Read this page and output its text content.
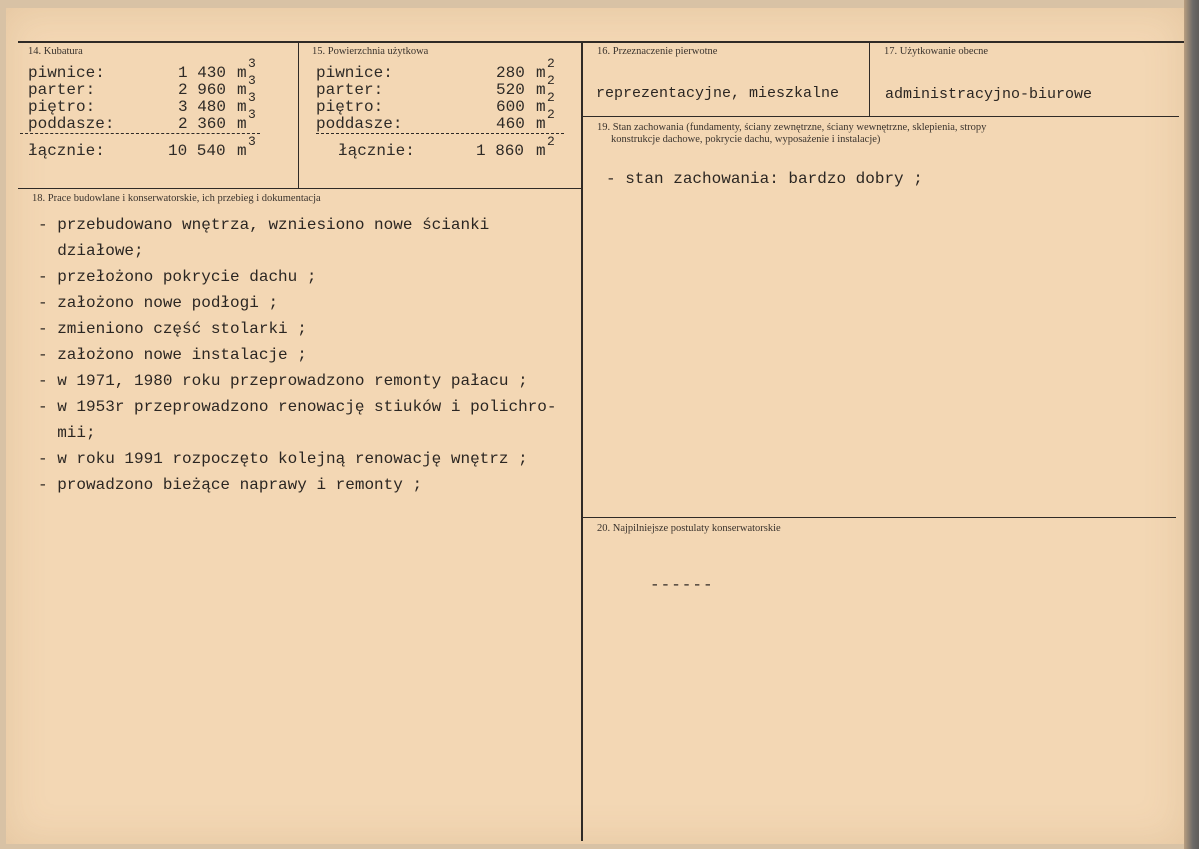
14. Kubatura
piwnice:	1 430 m
3
parter:	2 960 m
3
piętro:	3 480 m
3
poddasze:	2 360 m
3
łącznie:	10 540 m
3
15. Powierzchnia użytkowa
piwnice:	280 m
2
parter:	520 m
2
piętro:	600 m
2
poddasze:	460 m
2
łącznie:	1 860 m
2
16. Przeznaczenie pierwotne
reprezentacyjne, mieszkalne
17. Użytkowanie obecne
administracyjno-biurowe
18. Prace budowlane i konserwatorskie, ich przebieg i dokumentacja
- przebudowano wnętrza, wzniesiono nowe ścianki
działowe;
- przełożono pokrycie dachu ;
- założono nowe podłogi ;
- zmieniono część stolarki ;
- założono nowe instalacje ;
- w 1971, 1980 roku przeprowadzono remonty pałacu ;
- w 1953r przeprowadzono renowację stiuków i polichro-
mii;
- w roku 1991 rozpoczęto kolejną renowację wnętrz ;
- prowadzono bieżące naprawy i remonty ;
19. Stan zachowania (fundamenty, ściany zewnętrzne, ściany wewnętrzne, sklepienia, stropy
konstrukcje dachowe, pokrycie dachu, wyposażenie i instalacje)
- stan zachowania: bardzo dobry ;
20. Najpilniejsze postulaty konserwatorskie
------
